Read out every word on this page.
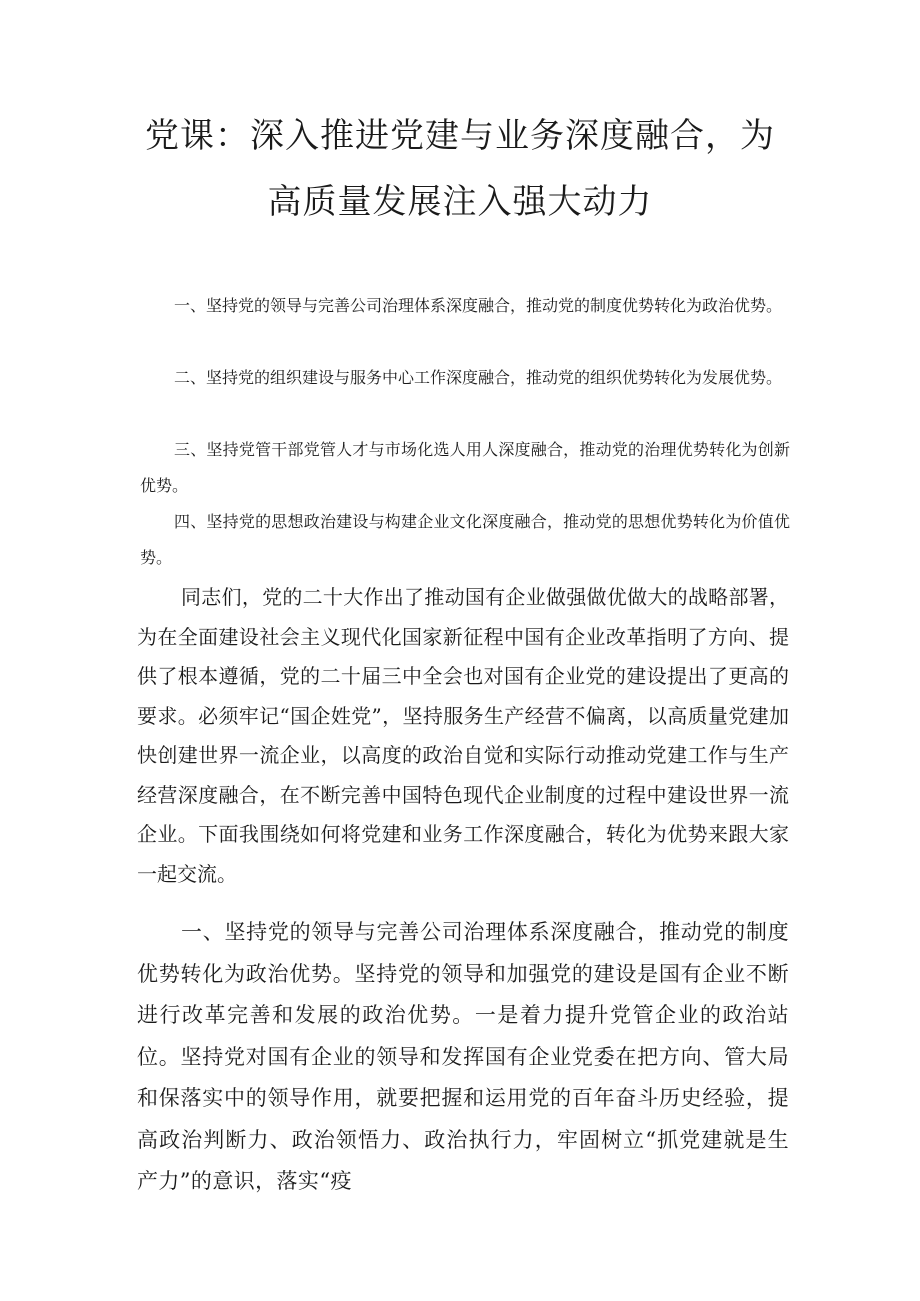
党课：深入推进党建与业务深度融合，为
高质量发展注入强大动力

一、坚持党的领导与完善公司治理体系深度融合，推动党的制度优势转化为政治优势。

二、坚持党的组织建设与服务中心工作深度融合，推动党的组织优势转化为发展优势。

三、坚持党管干部党管人才与市场化选人用人深度融合，推动党的治理优势转化为创新优势。

四、坚持党的思想政治建设与构建企业文化深度融合，推动党的思想优势转化为价值优势。

同志们，党的二十大作出了推动国有企业做强做优做大的战略部署，为在全面建设社会主义现代化国家新征程中国有企业改革指明了方向、提供了根本遵循，党的二十届三中全会也对国有企业党的建设提出了更高的要求。必须牢记“国企姓党”，坚持服务生产经营不偏离，以高质量党建加快创建世界一流企业，以高度的政治自觉和实际行动推动党建工作与生产经营深度融合，在不断完善中国特色现代企业制度的过程中建设世界一流企业。下面我围绕如何将党建和业务工作深度融合，转化为优势来跟大家一起交流。

一、坚持党的领导与完善公司治理体系深度融合，推动党的制度优势转化为政治优势。坚持党的领导和加强党的建设是国有企业不断进行改革完善和发展的政治优势。一是着力提升党管企业的政治站位。坚持党对国有企业的领导和发挥国有企业党委在把方向、管大局和保落实中的领导作用，就要把握和运用党的百年奋斗历史经验，提高政治判断力、政治领悟力、政治执行力，牢固树立“抓党建就是生产力”的意识，落实“疫
